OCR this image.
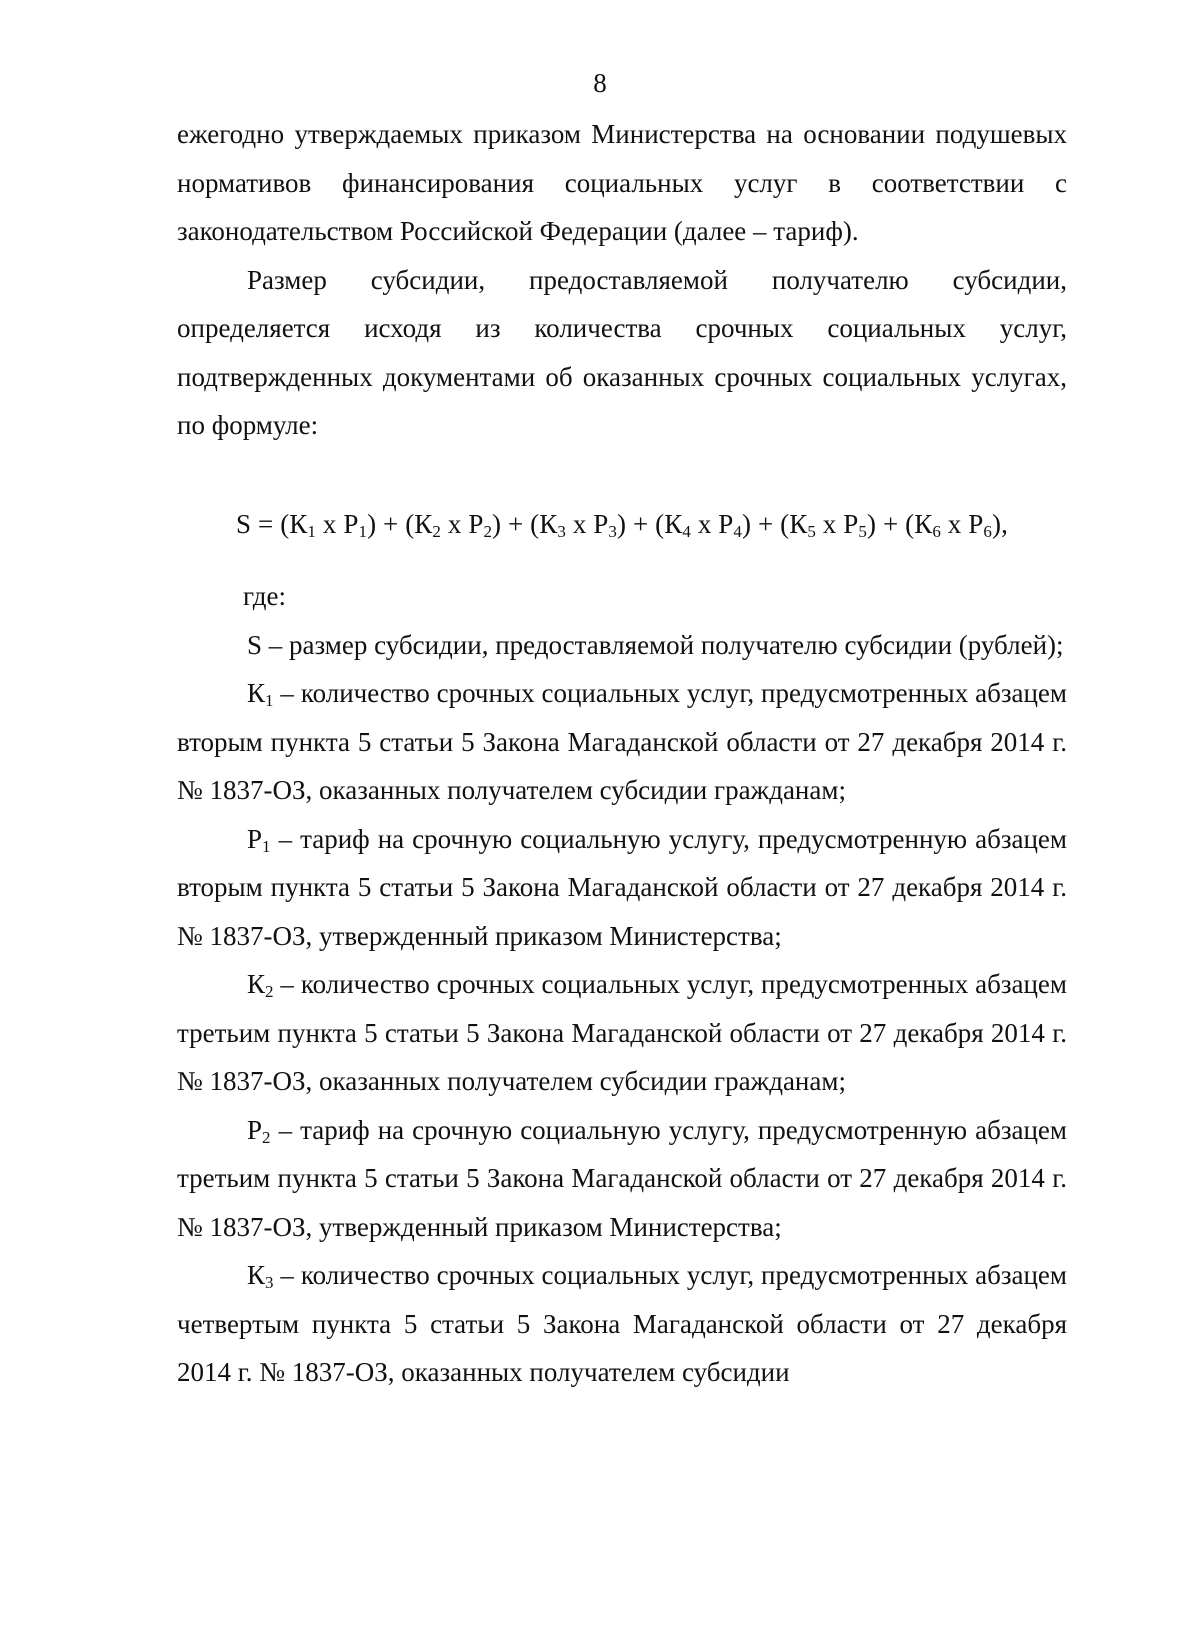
8

ежегодно утверждаемых приказом Министерства на основании подушевых нормативов финансирования социальных услуг в соответствии с законодательством Российской Федерации (далее – тариф).

Размер субсидии, предоставляемой получателю субсидии, определяется исходя из количества срочных социальных услуг, подтвержденных документами об оказанных срочных социальных услугах, по формуле:

$S = (К_1$ х $Р_1) + (К_2$ х $Р_2) + (К_3$ х $Р_3) + (К_4$ х $Р_4) + (К_5$ х $Р_5) + (К_6$ х $Р_6$),

где:

S – размер субсидии, предоставляемой получателю субсидии (рублей);

$К_1$ – количество срочных социальных услуг, предусмотренных абзацем вторым пункта 5 статьи 5 Закона Магаданской области от 27 декабря 2014 г. № 1837-ОЗ, оказанных получателем субсидии гражданам;

$Р_1$ – тариф на срочную социальную услугу, предусмотренную абзацем вторым пункта 5 статьи 5 Закона Магаданской области от 27 декабря 2014 г. № 1837-ОЗ, утвержденный приказом Министерства;

$К_2$ – количество срочных социальных услуг, предусмотренных абзацем третьим пункта 5 статьи 5 Закона Магаданской области от 27 декабря 2014 г. № 1837-ОЗ, оказанных получателем субсидии гражданам;

$Р_2$ – тариф на срочную социальную услугу, предусмотренную абзацем третьим пункта 5 статьи 5 Закона Магаданской области от 27 декабря 2014 г. № 1837-ОЗ, утвержденный приказом Министерства;

$К_3$ – количество срочных социальных услуг, предусмотренных абзацем четвертым пункта 5 статьи 5 Закона Магаданской области от 27 декабря 2014 г. № 1837-ОЗ, оказанных получателем субсидии
